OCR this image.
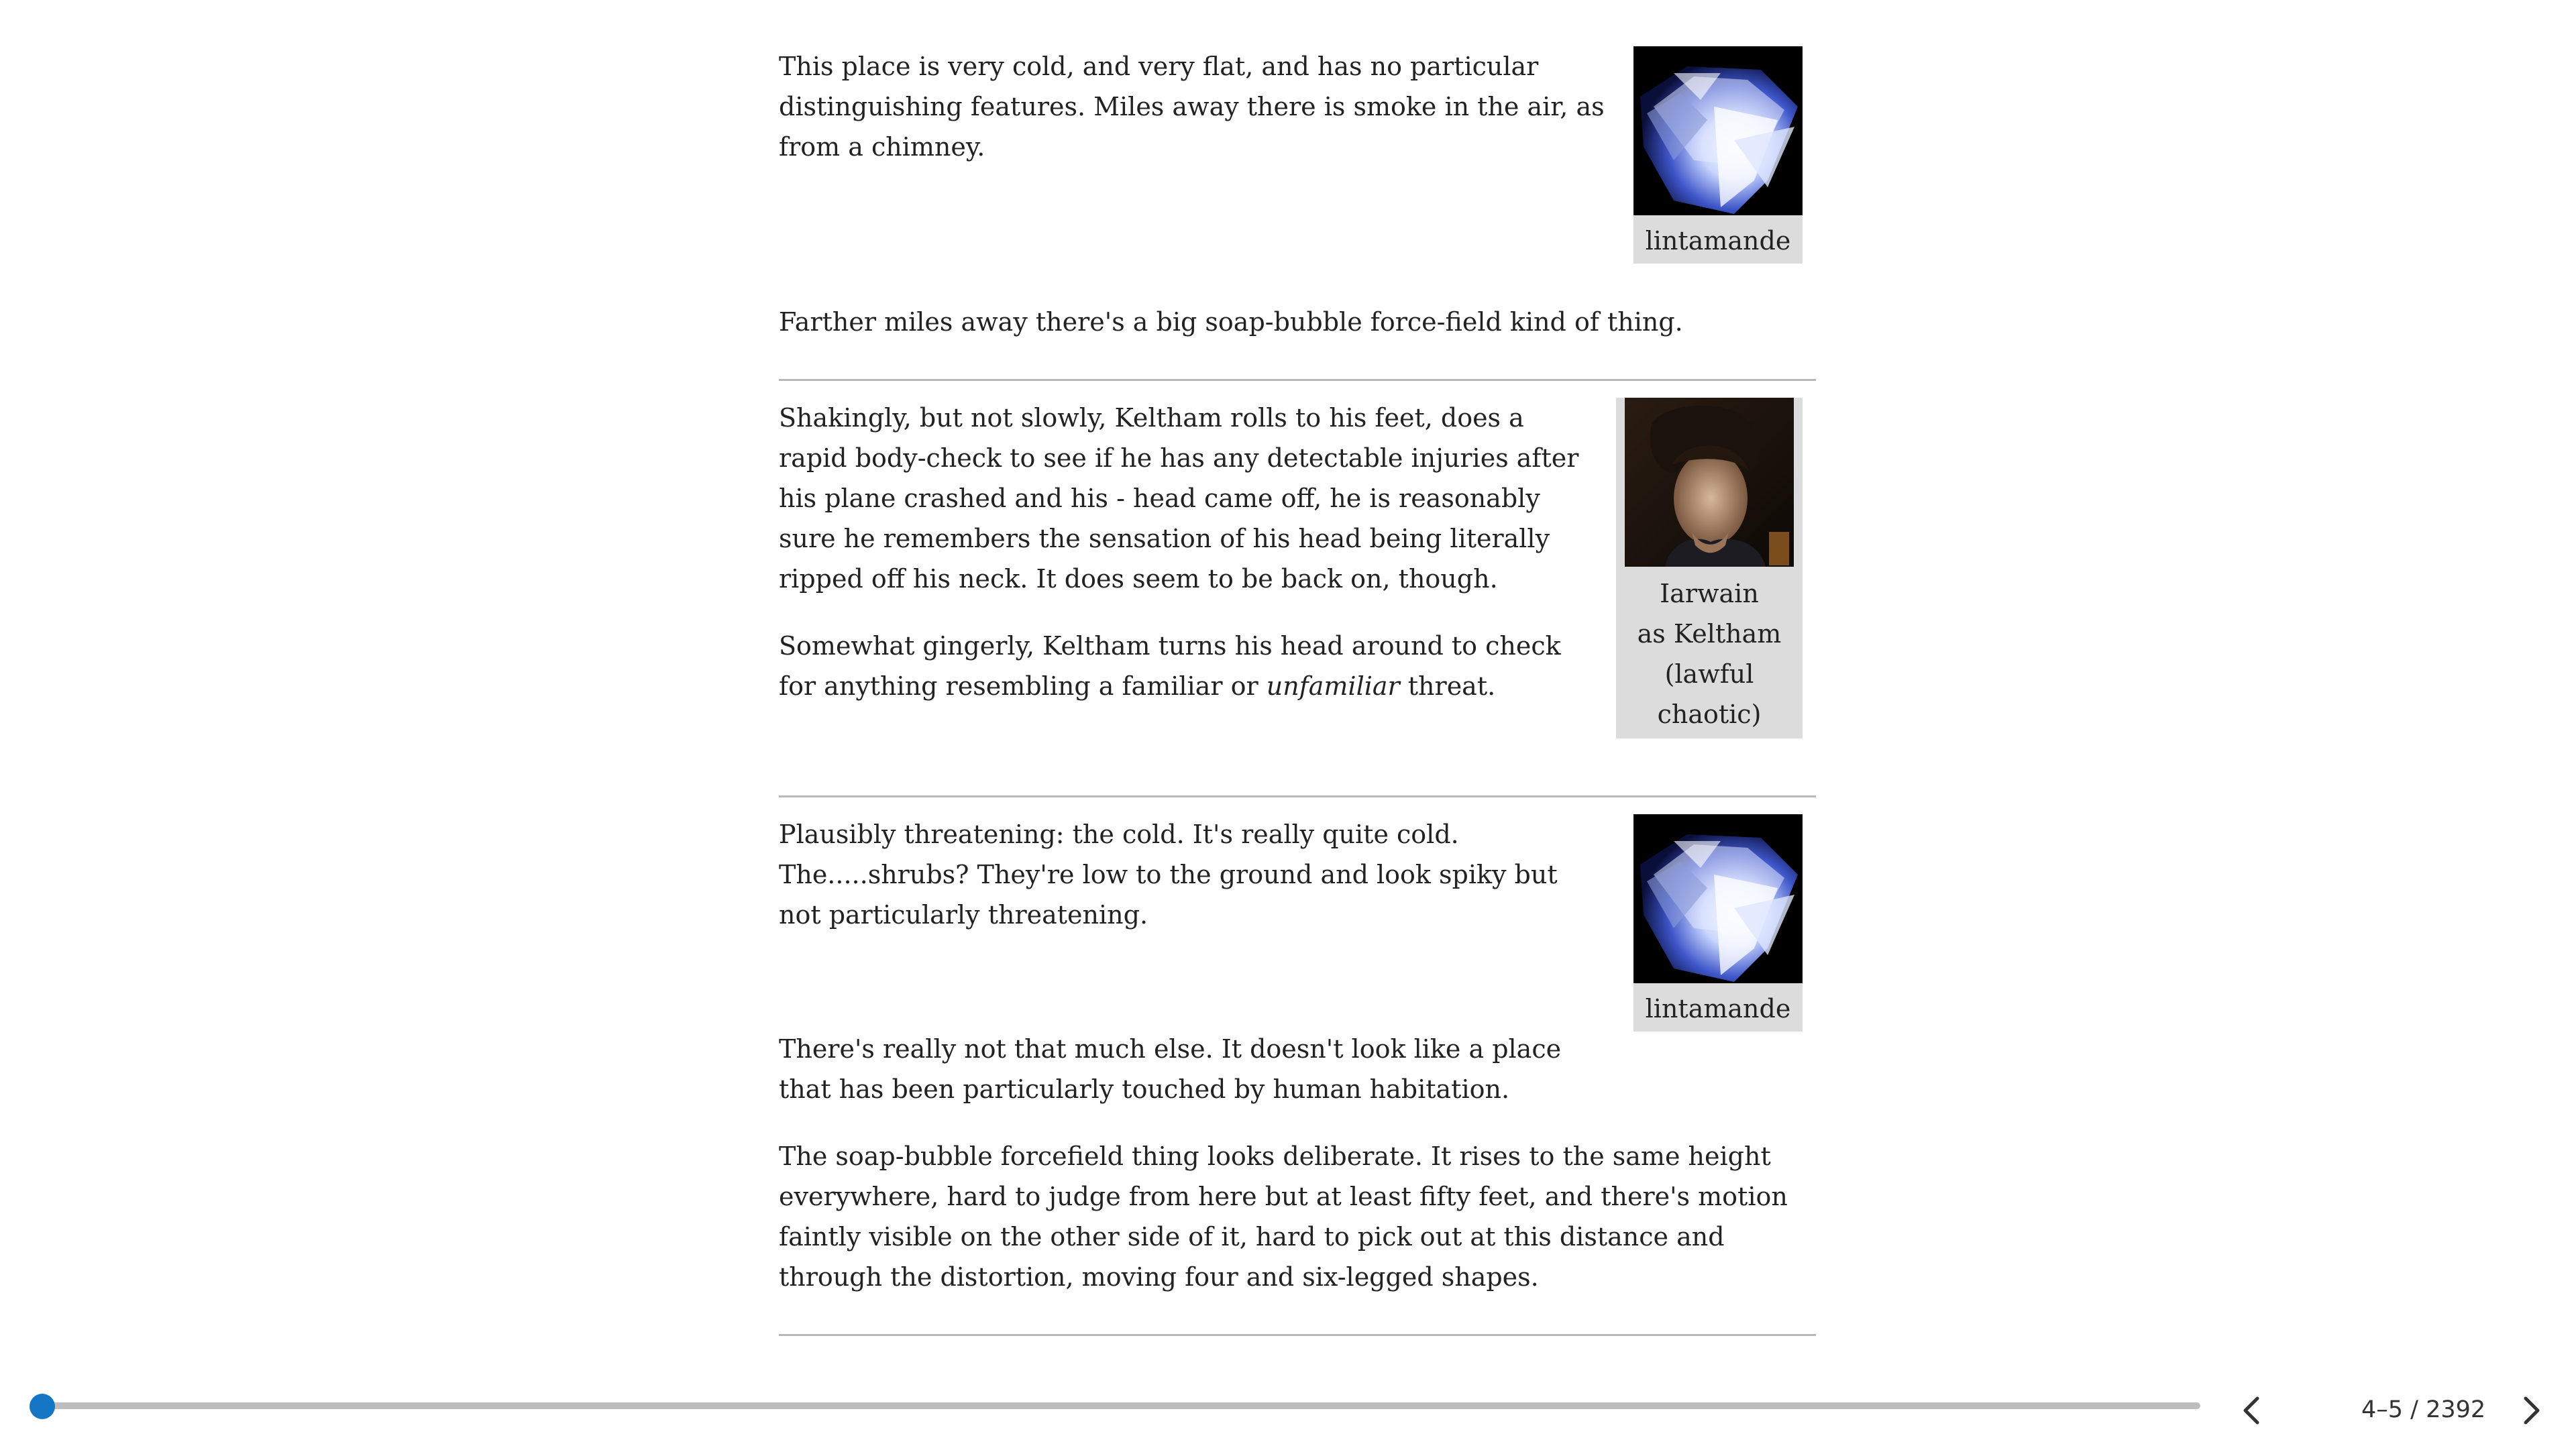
lintamande

This place is very cold, and very flat, and has no particular distinguishing features. Miles away there is smoke in the air, as from a chimney.

Farther miles away there's a big soap-bubble force-field kind of thing.

Iarwain
as Keltham
(lawful chaotic)

Shakingly, but not slowly, Keltham rolls to his feet, does a rapid body-check to see if he has any detectable injuries after his plane crashed and his - head came off, he is reasonably sure he remembers the sensation of his head being literally ripped off his neck. It does seem to be back on, though.

Somewhat gingerly, Keltham turns his head around to check for anything resembling a familiar or unfamiliar threat.

lintamande

Plausibly threatening: the cold. It's really quite cold. The.....shrubs? They're low to the ground and look spiky but not particularly threatening.

There's really not that much else. It doesn't look like a place that has been particularly touched by human habitation.

The soap-bubble forcefield thing looks deliberate. It rises to the same height everywhere, hard to judge from here but at least fifty feet, and there's motion faintly visible on the other side of it, hard to pick out at this distance and through the distortion, moving four and six-legged shapes.

4–5 / 2392
